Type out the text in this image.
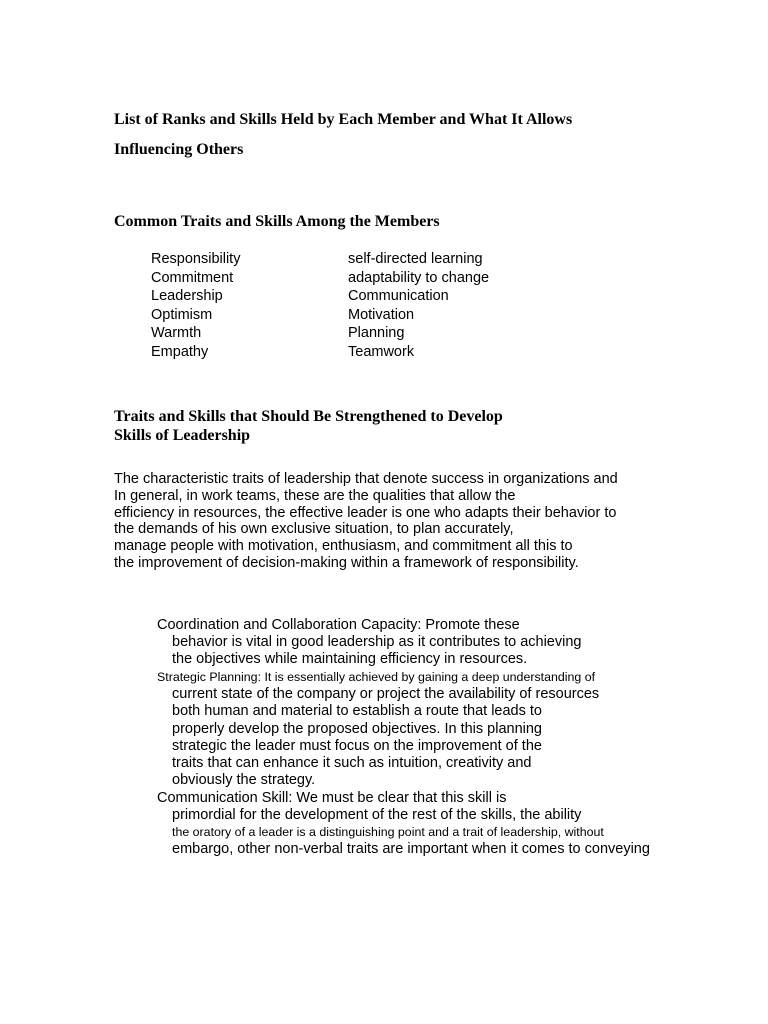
List of Ranks and Skills Held by Each Member and What It Allows
Influencing Others
Common Traits and Skills Among the Members
Responsibility
Commitment
Leadership
Optimism
Warmth
Empathy
self-directed learning
adaptability to change
Communication
Motivation
Planning
Teamwork
Traits and Skills that Should Be Strengthened to Develop
Skills of Leadership
The characteristic traits of leadership that denote success in organizations and
In general, in work teams, these are the qualities that allow the
efficiency in resources, the effective leader is one who adapts their behavior to
the demands of his own exclusive situation, to plan accurately,
manage people with motivation, enthusiasm, and commitment all this to
the improvement of decision-making within a framework of responsibility.
Coordination and Collaboration Capacity: Promote these
behavior is vital in good leadership as it contributes to achieving
the objectives while maintaining efficiency in resources.
Strategic Planning: It is essentially achieved by gaining a deep understanding of
current state of the company or project the availability of resources
both human and material to establish a route that leads to
properly develop the proposed objectives. In this planning
strategic the leader must focus on the improvement of the
traits that can enhance it such as intuition, creativity and
obviously the strategy.
Communication Skill: We must be clear that this skill is
primordial for the development of the rest of the skills, the ability
the oratory of a leader is a distinguishing point and a trait of leadership, without
embargo, other non-verbal traits are important when it comes to conveying
